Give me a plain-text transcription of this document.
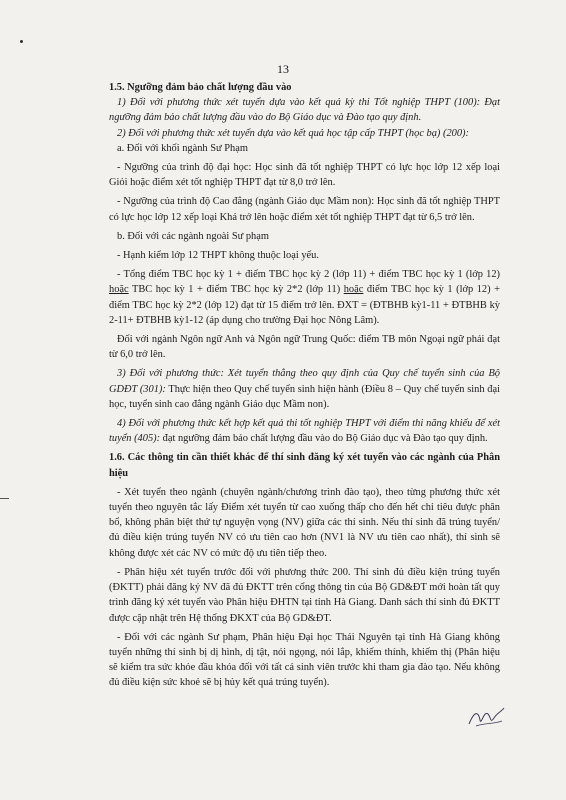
13

1.5. Ngưỡng đảm bảo chất lượng đầu vào

1) Đối với phương thức xét tuyển dựa vào kết quả kỳ thi Tốt nghiệp THPT (100): Đạt ngưỡng đảm bảo chất lượng đầu vào do Bộ Giáo dục và Đào tạo quy định.

2) Đối với phương thức xét tuyển dựa vào kết quả học tập cấp THPT (học bạ) (200):

a. Đối với khối ngành Sư Phạm

- Ngưỡng của trình độ đại học: Học sinh đã tốt nghiệp THPT có lực học lớp 12 xếp loại Giỏi hoặc điểm xét tốt nghiệp THPT đạt từ 8,0 trở lên.

- Ngưỡng của trình độ Cao đẳng (ngành Giáo dục Mầm non): Học sinh đã tốt nghiệp THPT có lực học lớp 12 xếp loại Khá trở lên hoặc điểm xét tốt nghiệp THPT đạt từ 6,5 trở lên.

b. Đối với các ngành ngoài Sư phạm

- Hạnh kiểm lớp 12 THPT không thuộc loại yếu.

- Tổng điểm TBC học kỳ 1 + điểm TBC học kỳ 2 (lớp 11) + điểm TBC học kỳ 1 (lớp 12) hoặc TBC học kỳ 1 + điểm TBC học kỳ 2*2 (lớp 11) hoặc điểm TBC học kỳ 1 (lớp 12) + điểm TBC học kỳ 2*2 (lớp 12) đạt từ 15 điểm trở lên. ĐXT = (ĐTBHB kỳ1-11 + ĐTBHB kỳ 2-11+ ĐTBHB kỳ1-12 (áp dụng cho trường Đại học Nông Lâm).

Đối với ngành Ngôn ngữ Anh và Ngôn ngữ Trung Quốc: điểm TB môn Ngoại ngữ phải đạt từ 6,0 trở lên.

3) Đối với phương thức: Xét tuyển thẳng theo quy định của Quy chế tuyển sinh của Bộ GDĐT (301): Thực hiện theo Quy chế tuyển sinh hiện hành (Điều 8 – Quy chế tuyển sinh đại học, tuyển sinh cao đẳng ngành Giáo dục Mầm non).

4) Đối với phương thức kết hợp kết quả thi tốt nghiệp THPT với điểm thi năng khiếu để xét tuyển (405): đạt ngưỡng đảm bảo chất lượng đầu vào do Bộ Giáo dục và Đào tạo quy định.

1.6. Các thông tin cần thiết khác để thí sinh đăng ký xét tuyển vào các ngành của Phân hiệu

- Xét tuyển theo ngành (chuyên ngành/chương trình đào tạo), theo từng phương thức xét tuyển theo nguyên tắc lấy Điểm xét tuyển từ cao xuống thấp cho đến hết chỉ tiêu được phân bổ, không phân biệt thứ tự nguyện vọng (NV) giữa các thí sinh. Nếu thí sinh đã trúng tuyển/đủ điều kiện trúng tuyển NV có ưu tiên cao hơn (NV1 là NV ưu tiên cao nhất), thí sinh sẽ không được xét các NV có mức độ ưu tiên tiếp theo.

- Phân hiệu xét tuyển trước đối với phương thức 200. Thí sinh đủ điều kiện trúng tuyển (ĐKTT) phải đăng ký NV đã đủ ĐKTT trên cổng thông tin của Bộ GD&ĐT mới hoàn tất quy trình đăng ký xét tuyển vào Phân hiệu ĐHTN tại tỉnh Hà Giang. Danh sách thí sinh đủ ĐKTT được cập nhật trên Hệ thống ĐKXT của Bộ GD&ĐT.

- Đối với các ngành Sư phạm, Phân hiệu Đại học Thái Nguyên tại tỉnh Hà Giang không tuyển những thí sinh bị dị hình, dị tật, nói ngọng, nói lắp, khiếm thính, khiếm thị (Phân hiệu sẽ kiểm tra sức khỏe đầu khóa đối với tất cả sinh viên trước khi tham gia đào tạo. Nếu không đủ điều kiện sức khoẻ sẽ bị hủy kết quả trúng tuyển).
